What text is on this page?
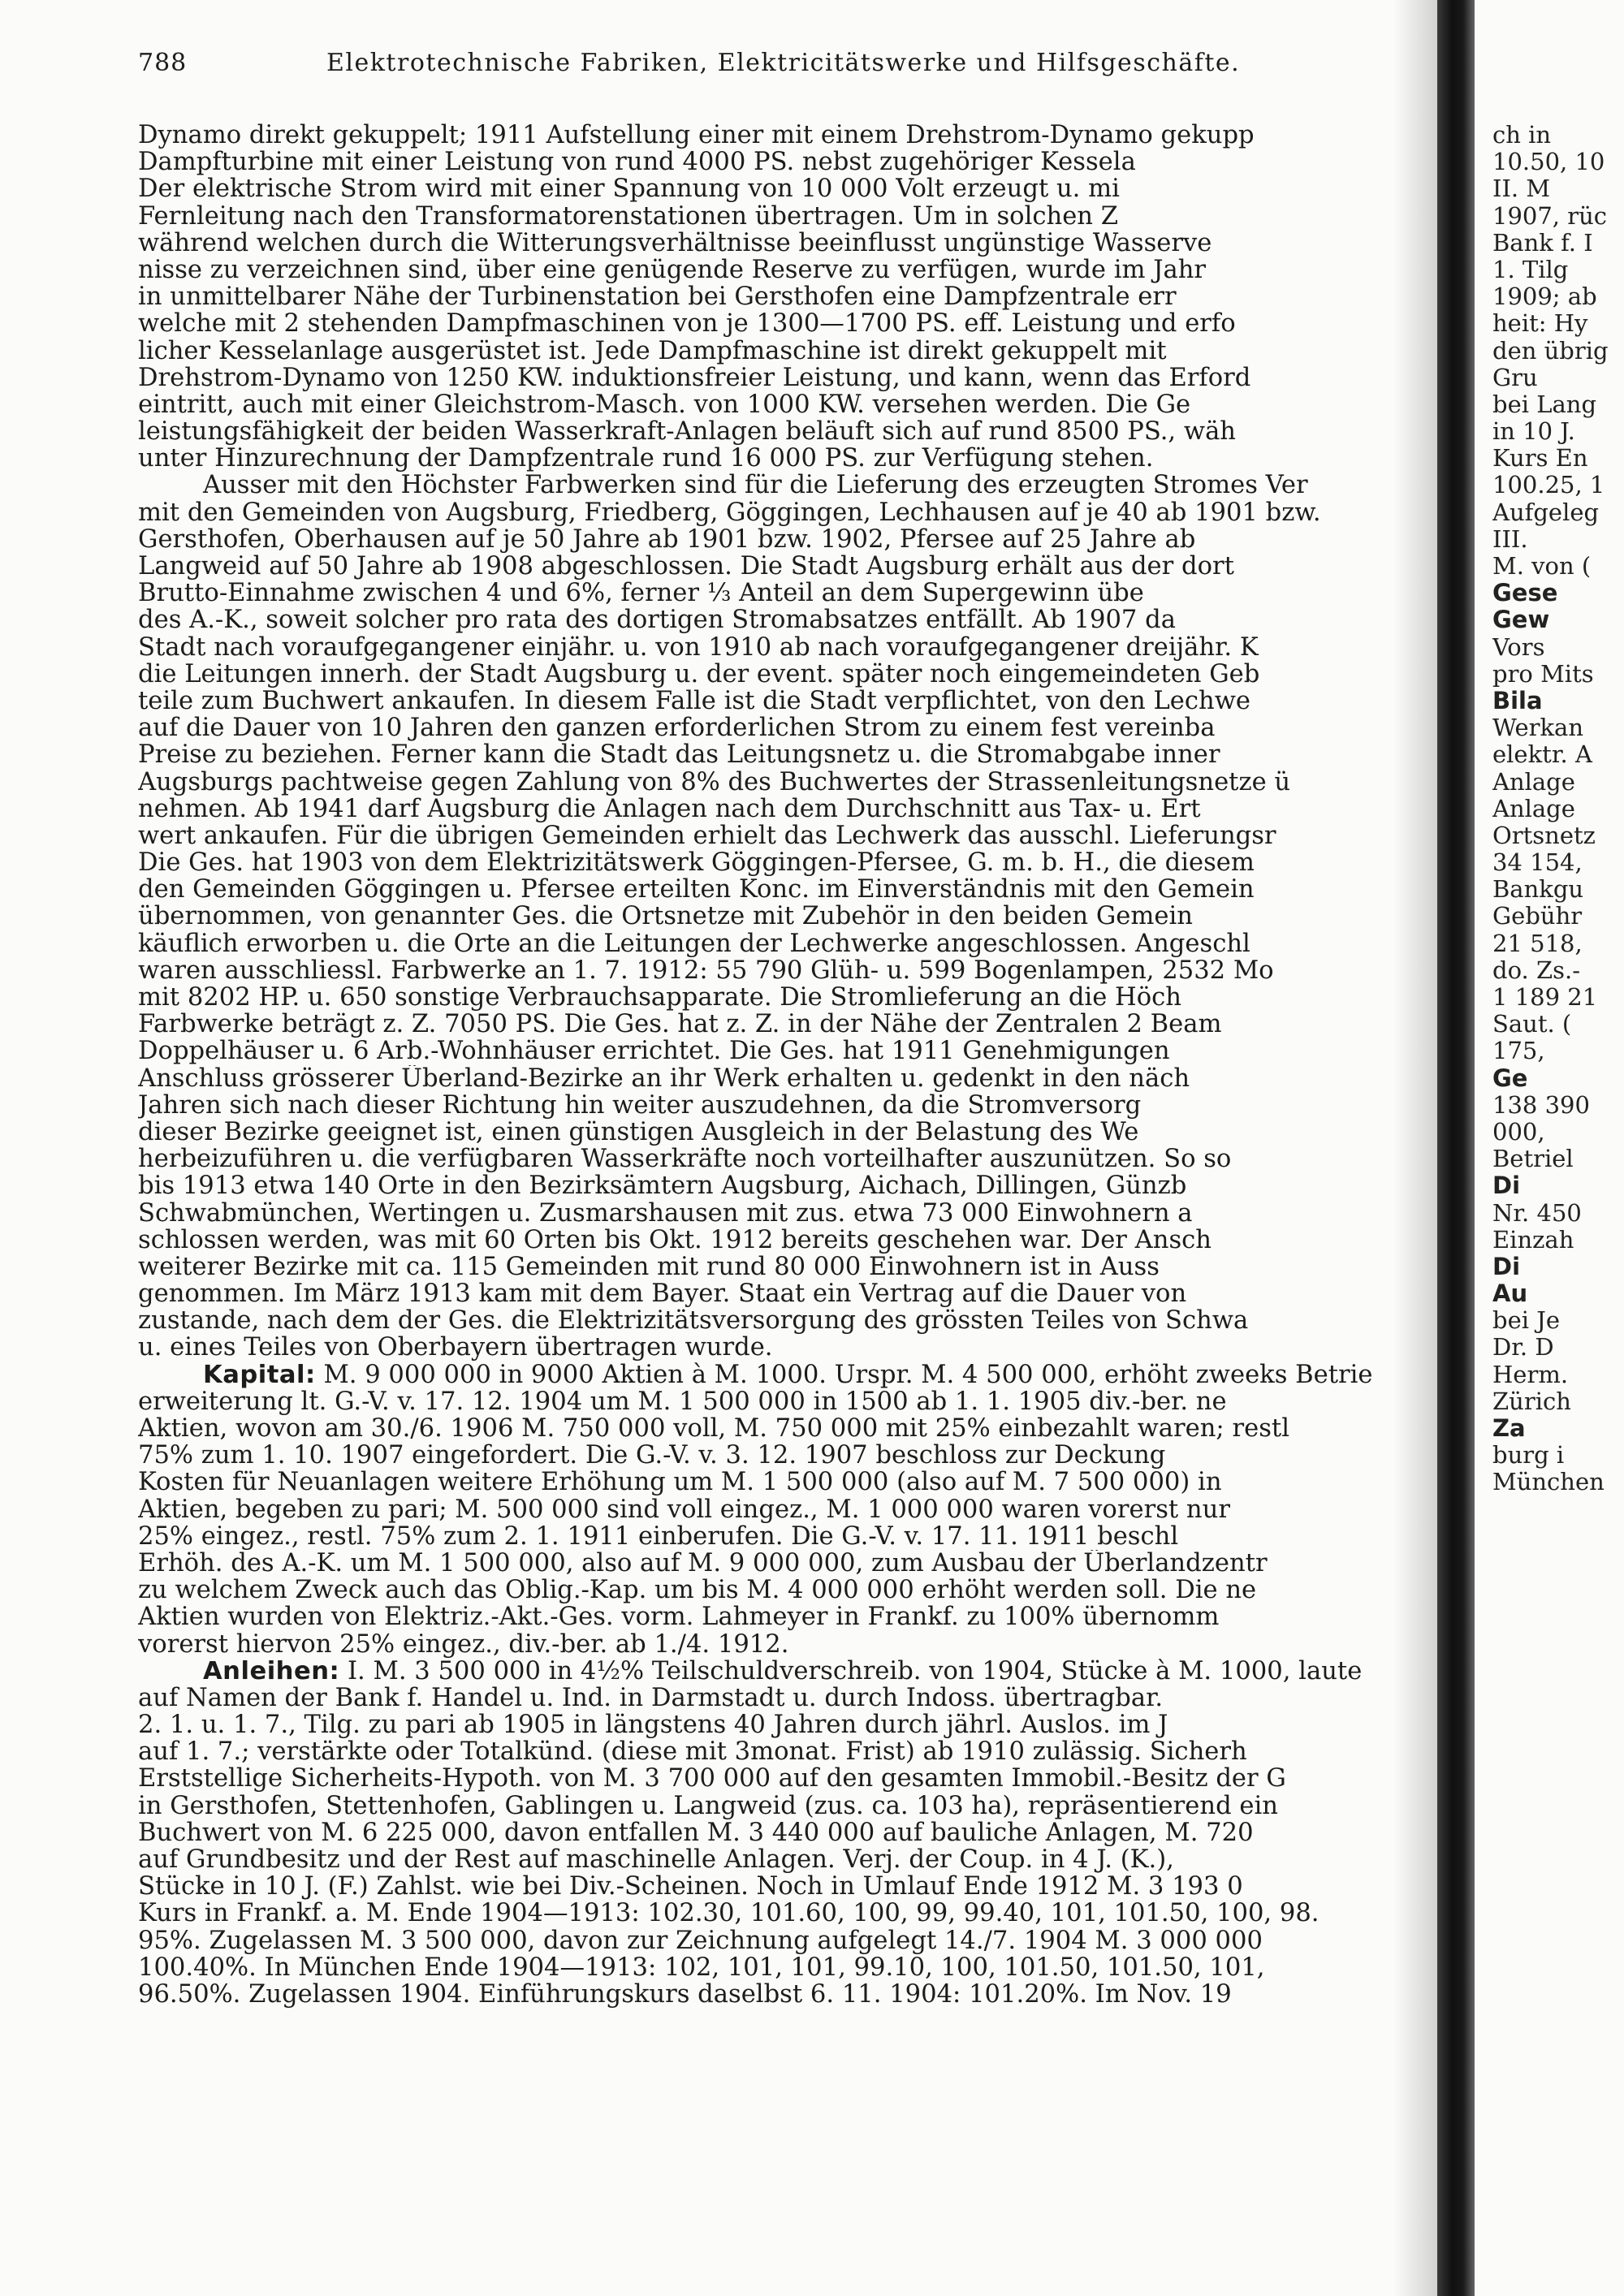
788	Elektrotechnische Fabriken, Elektricitätswerke und Hilfsgeschäfte.
Dynamo direkt gekuppelt; 1911 Aufstellung einer mit einem Drehstrom-Dynamo gekupp
Dampfturbine mit einer Leistung von rund 4000 PS. nebst zugehöriger Kessela
Der elektrische Strom wird mit einer Spannung von 10 000 Volt erzeugt u. mi
Fernleitung nach den Transformatorenstationen übertragen. Um in solchen Z
während welchen durch die Witterungsverhältnisse beeinflusst ungünstige Wasserve
nisse zu verzeichnen sind, über eine genügende Reserve zu verfügen, wurde im Jahr
in unmittelbarer Nähe der Turbinenstation bei Gersthofen eine Dampfzentrale err
welche mit 2 stehenden Dampfmaschinen von je 1300—1700 PS. eff. Leistung und erfo
licher Kesselanlage ausgerüstet ist. Jede Dampfmaschine ist direkt gekuppelt mit
Drehstrom-Dynamo von 1250 KW. induktionsfreier Leistung, und kann, wenn das Erford
eintritt, auch mit einer Gleichstrom-Masch. von 1000 KW. versehen werden. Die Ge
leistungsfähigkeit der beiden Wasserkraft-Anlagen beläuft sich auf rund 8500 PS., wäh
unter Hinzurechnung der Dampfzentrale rund 16 000 PS. zur Verfügung stehen.
Ausser mit den Höchster Farbwerken sind für die Lieferung des erzeugten Stromes Ver
mit den Gemeinden von Augsburg, Friedberg, Göggingen, Lechhausen auf je 40 ab 1901 bzw.
Gersthofen, Oberhausen auf je 50 Jahre ab 1901 bzw. 1902, Pfersee auf 25 Jahre ab
Langweid auf 50 Jahre ab 1908 abgeschlossen. Die Stadt Augsburg erhält aus der dort
Brutto-Einnahme zwischen 4 und 6%, ferner ⅓ Anteil an dem Supergewinn übe
des A.-K., soweit solcher pro rata des dortigen Stromabsatzes entfällt. Ab 1907 da
Stadt nach voraufgegangener einjähr. u. von 1910 ab nach voraufgegangener dreijähr. K
die Leitungen innerh. der Stadt Augsburg u. der event. später noch eingemeindeten Geb
teile zum Buchwert ankaufen. In diesem Falle ist die Stadt verpflichtet, von den Lechwe
auf die Dauer von 10 Jahren den ganzen erforderlichen Strom zu einem fest vereinba
Preise zu beziehen. Ferner kann die Stadt das Leitungsnetz u. die Stromabgabe inner
Augsburgs pachtweise gegen Zahlung von 8% des Buchwertes der Strassenleitungsnetze ü
nehmen. Ab 1941 darf Augsburg die Anlagen nach dem Durchschnitt aus Tax- u. Ert
wert ankaufen. Für die übrigen Gemeinden erhielt das Lechwerk das ausschl. Lieferungsr
Die Ges. hat 1903 von dem Elektrizitätswerk Göggingen-Pfersee, G. m. b. H., die diesem
den Gemeinden Göggingen u. Pfersee erteilten Konc. im Einverständnis mit den Gemein
übernommen, von genannter Ges. die Ortsnetze mit Zubehör in den beiden Gemein
käuflich erworben u. die Orte an die Leitungen der Lechwerke angeschlossen. Angeschl
waren ausschliessl. Farbwerke an 1. 7. 1912: 55 790 Glüh- u. 599 Bogenlampen, 2532 Mo
mit 8202 HP. u. 650 sonstige Verbrauchsapparate. Die Stromlieferung an die Höch
Farbwerke beträgt z. Z. 7050 PS. Die Ges. hat z. Z. in der Nähe der Zentralen 2 Beam
Doppelhäuser u. 6 Arb.-Wohnhäuser errichtet. Die Ges. hat 1911 Genehmigungen
Anschluss grösserer Überland-Bezirke an ihr Werk erhalten u. gedenkt in den näch
Jahren sich nach dieser Richtung hin weiter auszudehnen, da die Stromversorg
dieser Bezirke geeignet ist, einen günstigen Ausgleich in der Belastung des We
herbeizuführen u. die verfügbaren Wasserkräfte noch vorteilhafter auszunützen. So so
bis 1913 etwa 140 Orte in den Bezirksämtern Augsburg, Aichach, Dillingen, Günzb
Schwabmünchen, Wertingen u. Zusmarshausen mit zus. etwa 73 000 Einwohnern a
schlossen werden, was mit 60 Orten bis Okt. 1912 bereits geschehen war. Der Ansch
weiterer Bezirke mit ca. 115 Gemeinden mit rund 80 000 Einwohnern ist in Auss
genommen. Im März 1913 kam mit dem Bayer. Staat ein Vertrag auf die Dauer von
zustande, nach dem der Ges. die Elektrizitätsversorgung des grössten Teiles von Schwa
u. eines Teiles von Oberbayern übertragen wurde.
Kapital: M. 9 000 000 in 9000 Aktien à M. 1000. Urspr. M. 4 500 000, erhöht zweeks Betrie
erweiterung lt. G.-V. v. 17. 12. 1904 um M. 1 500 000 in 1500 ab 1. 1. 1905 div.-ber. ne
Aktien, wovon am 30./6. 1906 M. 750 000 voll, M. 750 000 mit 25% einbezahlt waren; restl
75% zum 1. 10. 1907 eingefordert. Die G.-V. v. 3. 12. 1907 beschloss zur Deckung
Kosten für Neuanlagen weitere Erhöhung um M. 1 500 000 (also auf M. 7 500 000) in
Aktien, begeben zu pari; M. 500 000 sind voll eingez., M. 1 000 000 waren vorerst nur
25% eingez., restl. 75% zum 2. 1. 1911 einberufen. Die G.-V. v. 17. 11. 1911 beschl
Erhöh. des A.-K. um M. 1 500 000, also auf M. 9 000 000, zum Ausbau der Überlandzentr
zu welchem Zweck auch das Oblig.-Kap. um bis M. 4 000 000 erhöht werden soll. Die ne
Aktien wurden von Elektriz.-Akt.-Ges. vorm. Lahmeyer in Frankf. zu 100% übernomm
vorerst hiervon 25% eingez., div.-ber. ab 1./4. 1912.
Anleihen: I. M. 3 500 000 in 4½% Teilschuldverschreib. von 1904, Stücke à M. 1000, laute
auf Namen der Bank f. Handel u. Ind. in Darmstadt u. durch Indoss. übertragbar.
2. 1. u. 1. 7., Tilg. zu pari ab 1905 in längstens 40 Jahren durch jährl. Auslos. im J
auf 1. 7.; verstärkte oder Totalkünd. (diese mit 3monat. Frist) ab 1910 zulässig. Sicherh
Erststellige Sicherheits-Hypoth. von M. 3 700 000 auf den gesamten Immobil.-Besitz der G
in Gersthofen, Stettenhofen, Gablingen u. Langweid (zus. ca. 103 ha), repräsentierend ein
Buchwert von M. 6 225 000, davon entfallen M. 3 440 000 auf bauliche Anlagen, M. 720
auf Grundbesitz und der Rest auf maschinelle Anlagen. Verj. der Coup. in 4 J. (K.),
Stücke in 10 J. (F.) Zahlst. wie bei Div.-Scheinen. Noch in Umlauf Ende 1912 M. 3 193 0
Kurs in Frankf. a. M. Ende 1904—1913: 102.30, 101.60, 100, 99, 99.40, 101, 101.50, 100, 98.
95%. Zugelassen M. 3 500 000, davon zur Zeichnung aufgelegt 14./7. 1904 M. 3 000 000
100.40%. In München Ende 1904—1913: 102, 101, 101, 99.10, 100, 101.50, 101.50, 101,
96.50%. Zugelassen 1904. Einführungskurs daselbst 6. 11. 1904: 101.20%. Im Nov. 19
ch in
10.50, 10
II. M
1907, rüc
Bank f. I
1. Tilg
1909; ab
heit: Hy
den übrig
Gru
bei Lang
in 10 J.
Kurs En
100.25, 1
Aufgeleg
III.
M. von (
Gese
Gew
Vors
pro Mits
Bila
Werkan
elektr. A
Anlage
Anlage
Ortsnetz
34 154,
Bankgu
Gebühr
21 518,
do. Zs.-
1 189 21
Saut. (
175,
Ge
138 390
000,
Betriel
Di
Nr. 450
Einzah
Di
Au
bei Je
Dr. D
Herm.
Zürich
Za
burg i
München
